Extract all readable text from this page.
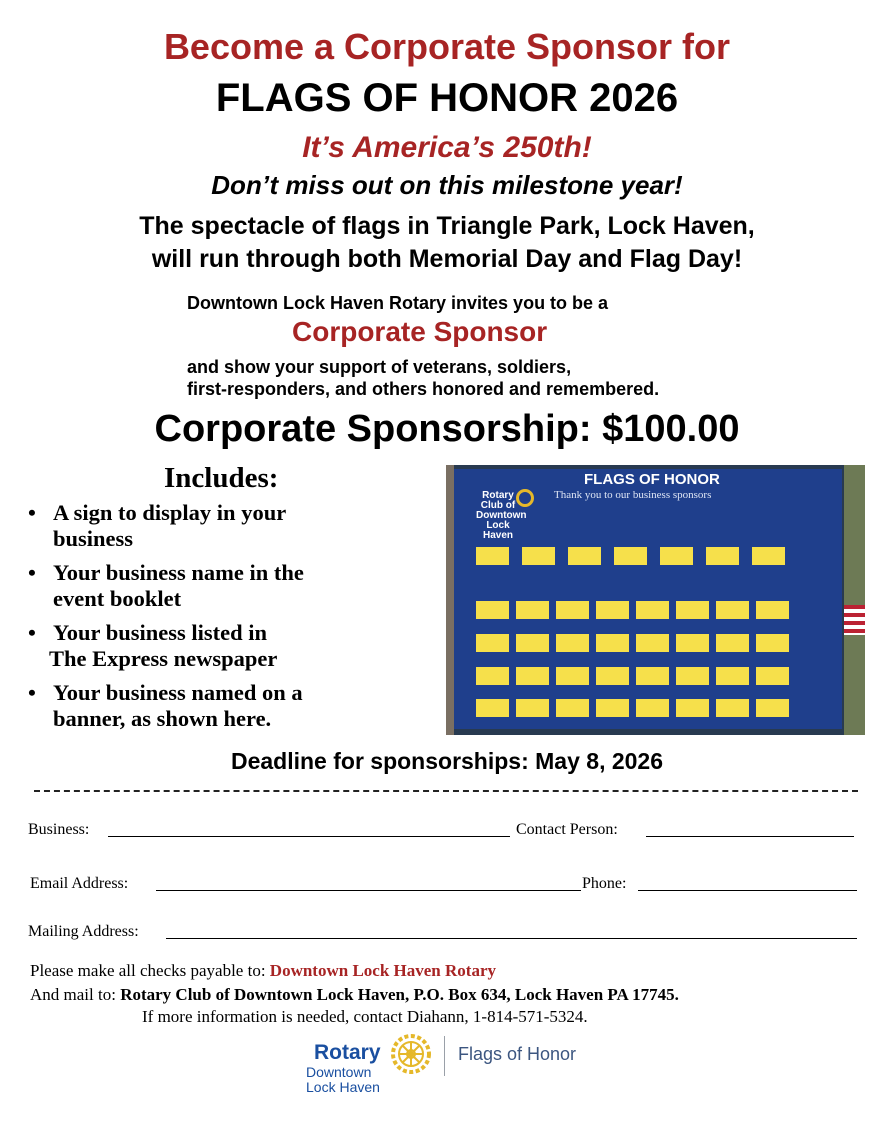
Become a Corporate Sponsor for
FLAGS OF HONOR 2026
It’s America’s 250th!
Don’t miss out on this milestone year!
The spectacle of flags in Triangle Park, Lock Haven,
will run through both Memorial Day and Flag Day!
Downtown Lock Haven Rotary invites you to be a
Corporate Sponsor
and show your support of veterans, soldiers,
first-responders, and others honored and remembered.
Corporate Sponsorship: $100.00
Includes:
• A sign to display in your
business
• Your business name in the
event booklet
• Your business listed in
The Express newspaper
• Your business named on a
banner, as shown here.
Rotary Club of Downtown Lock Haven
FLAGS OF HONOR
Thank you to our business sponsors
Deadline for sponsorships: May 8, 2026
Business:	Contact Person:
Email Address:	Phone:
Mailing Address:
Please make all checks payable to: Downtown Lock Haven Rotary
And mail to: Rotary Club of Downtown Lock Haven, P.O. Box 634, Lock Haven PA 17745.
If more information is needed, contact Diahann, 1-814-571-5324.
Rotary
Downtown
Lock Haven
Flags of Honor
